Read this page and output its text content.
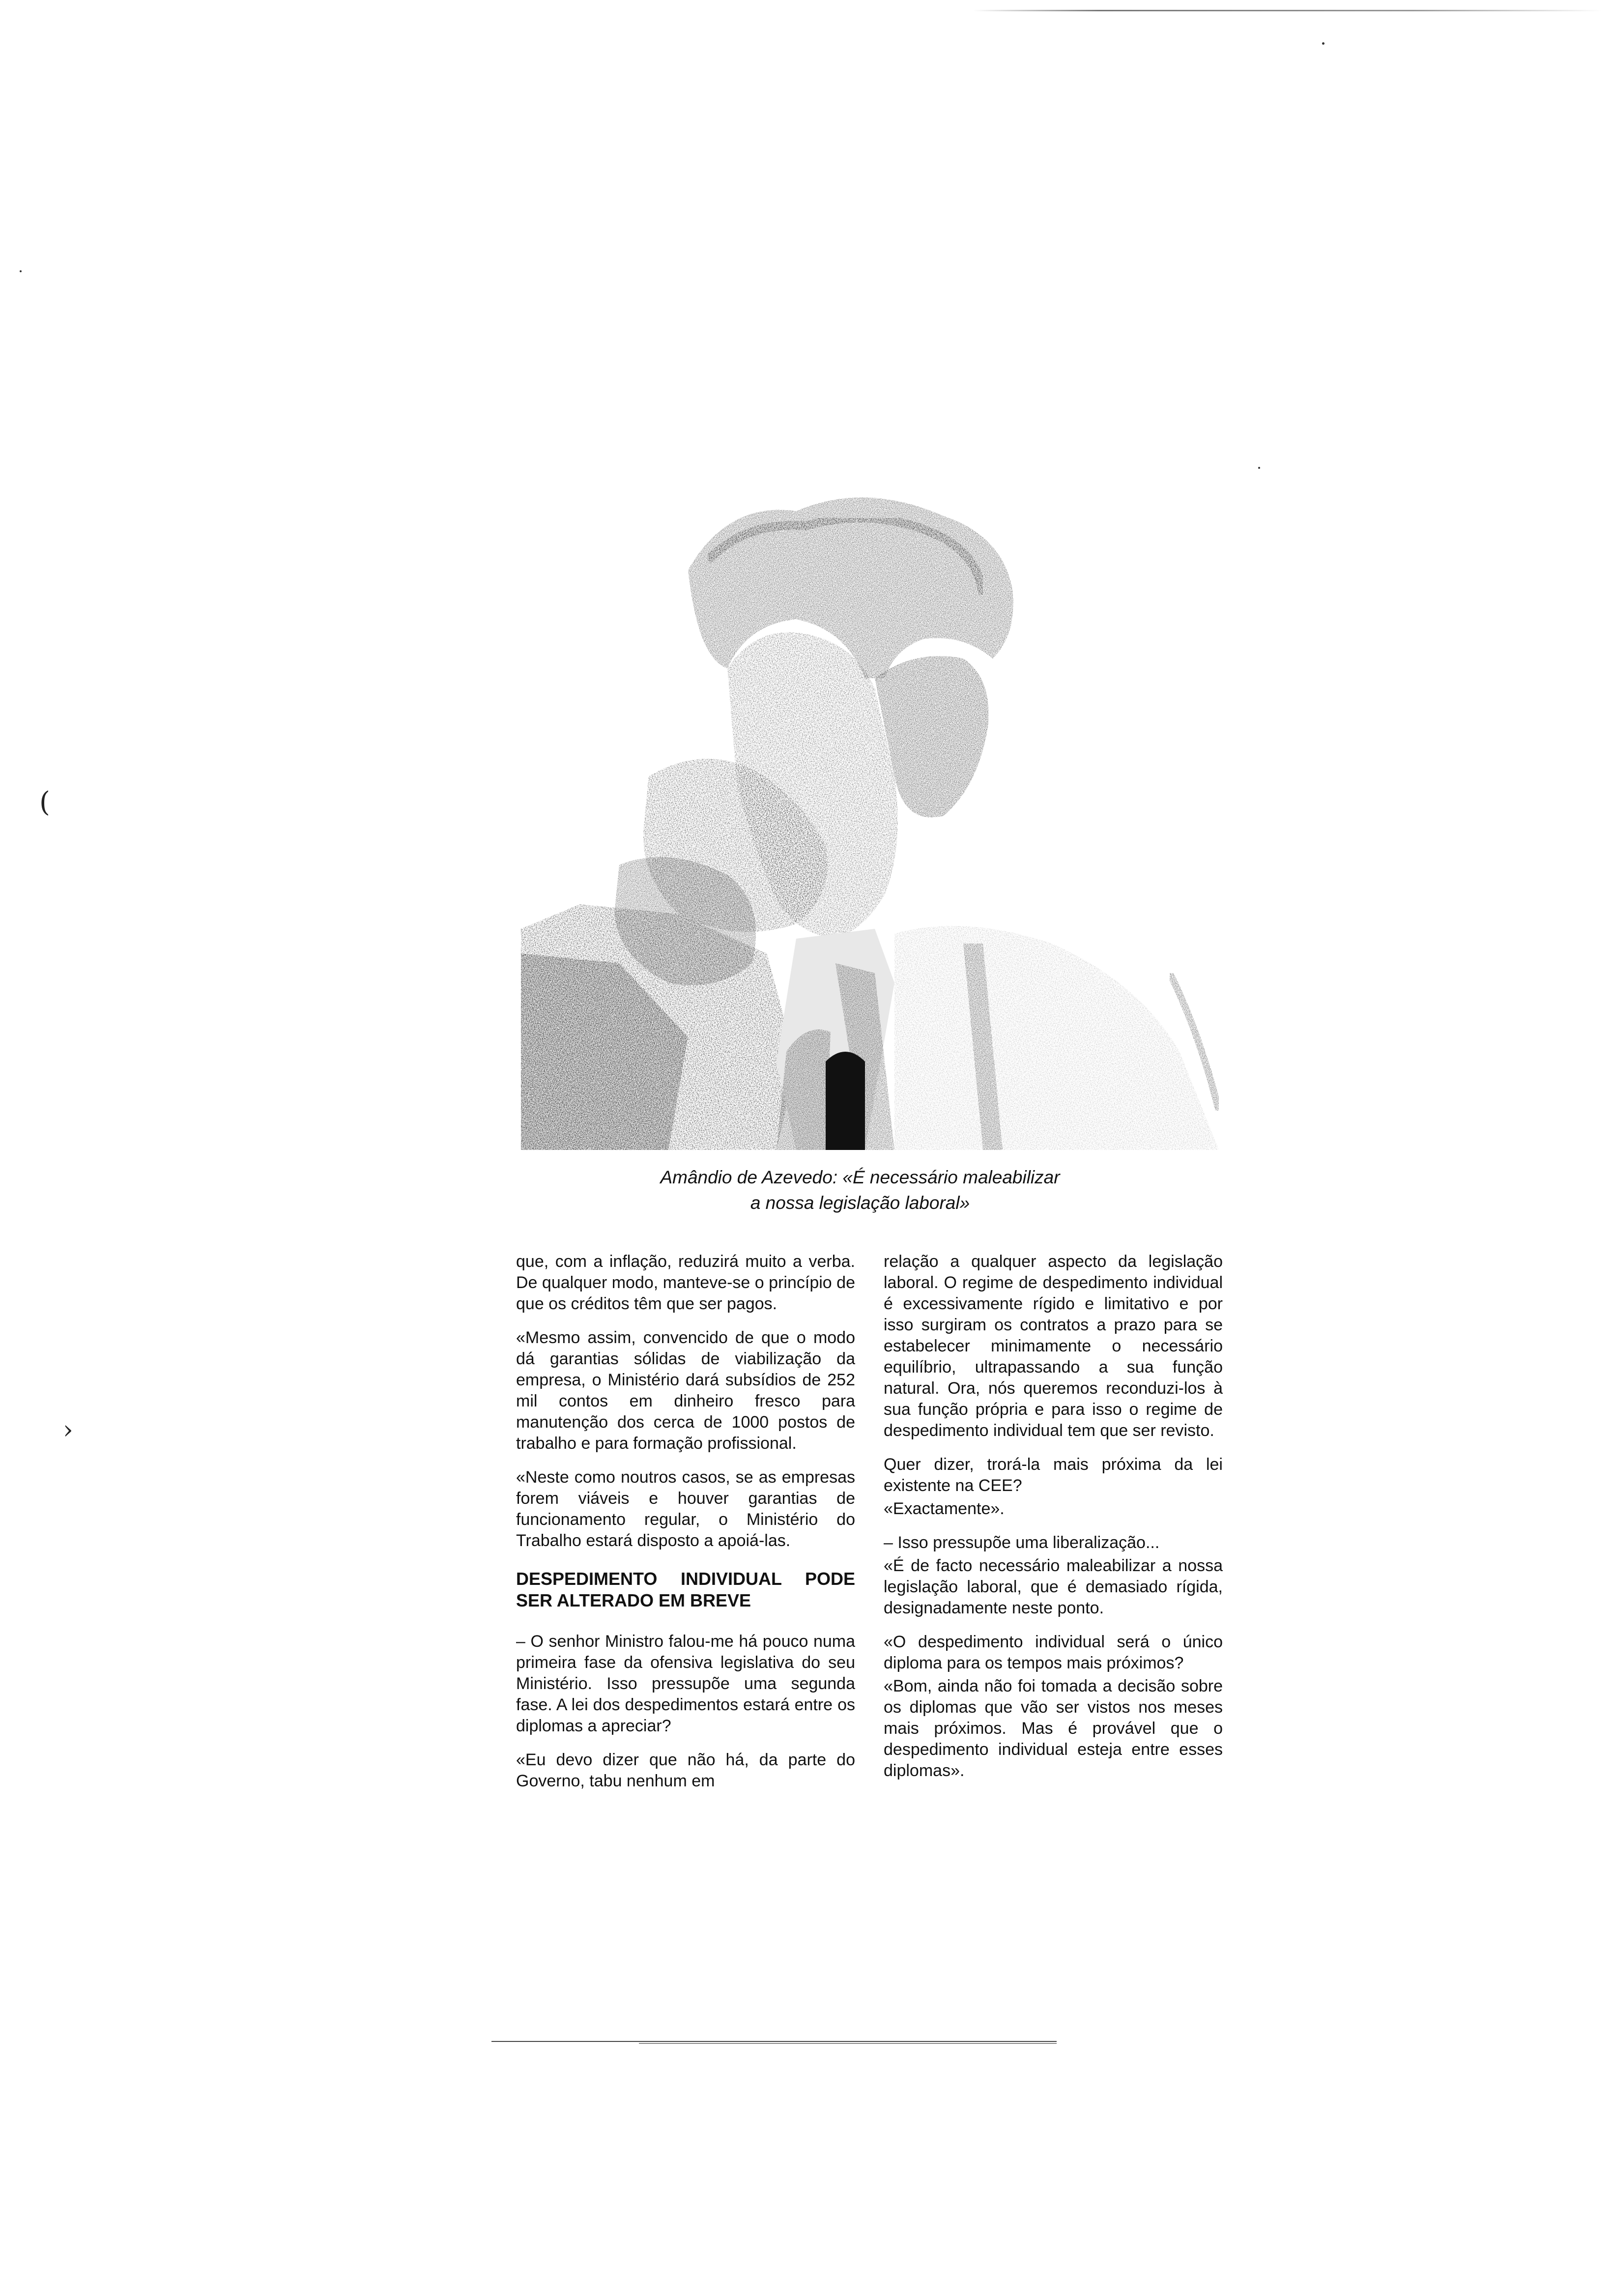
(
›
Amândio de Azevedo: «É necessário maleabilizar
a nossa legislação laboral»

que, com a inflação, reduzirá muito a verba. De qualquer modo, manteve-se o princípio de que os créditos têm que ser pagos.

«Mesmo assim, convencido de que o modo dá garantias sólidas de viabilização da empresa, o Ministério dará subsídios de 252 mil contos em dinheiro fresco para manutenção dos cerca de 1000 postos de trabalho e para formação profissional.

«Neste como noutros casos, se as empresas forem viáveis e houver garantias de funcionamento regular, o Ministério do Trabalho estará disposto a apoiá-las.

DESPEDIMENTO INDIVIDUAL PODE SER ALTERADO EM BREVE

– O senhor Ministro falou-me há pouco numa primeira fase da ofensiva legislativa do seu Ministério. Isso pressupõe uma segunda fase. A lei dos despedimentos estará entre os diplomas a apreciar?

«Eu devo dizer que não há, da parte do Governo, tabu nenhum em

relação a qualquer aspecto da legislação laboral. O regime de despedimento individual é excessivamente rígido e limitativo e por isso surgiram os contratos a prazo para se estabelecer minimamente o necessário equilíbrio, ultrapassando a sua função natural. Ora, nós queremos reconduzi-los à sua função própria e para isso o regime de despedimento individual tem que ser revisto.

Quer dizer, trorá-la mais próxima da lei existente na CEE?

«Exactamente».

– Isso pressupõe uma liberalização...

«É de facto necessário maleabilizar a nossa legislação laboral, que é demasiado rígida, designadamente neste ponto.

«O despedimento individual será o único diploma para os tempos mais próximos?

«Bom, ainda não foi tomada a decisão sobre os diplomas que vão ser vistos nos meses mais próximos. Mas é provável que o despedimento individual esteja entre esses diplomas».
